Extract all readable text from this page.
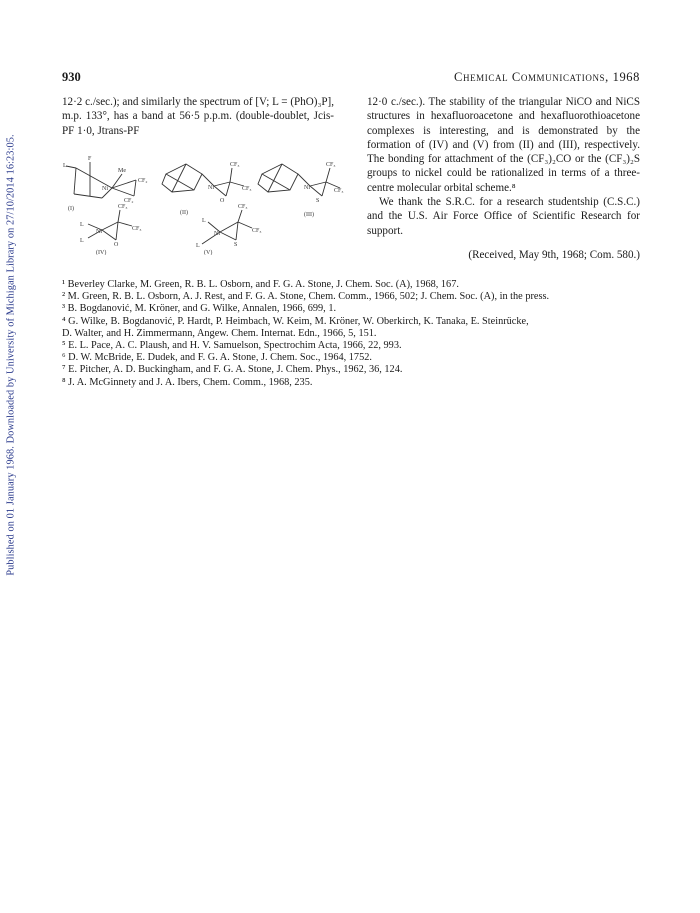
Published on 01 January 1968. Downloaded by University of Michigan Library on 27/10/2014 16:23:05.
930	Chemical Communications, 1968

12·2 c./sec.); and similarly the spectrum of [V; L = (PhO)₃P], m.p. 133°, has a band at 56·5 p.p.m. (double-doublet, Jcis-PF 1·0, Jtrans-PF

L
F
Me
Ni
CF₂
CF₂
(I)
Ni
O
CF₃
CF₃
(II)
Ni
S
CF₃
CF₃
(III)
L
L
Ni
O
CF₃
CF₃
(IV)
L
L
Ni
S
CF₃
CF₃
(V)

12·0 c./sec.). The stability of the triangular NiCO and NiCS structures in hexafluoroacetone and hexafluorothioacetone complexes is interesting, and is demonstrated by the formation of (IV) and (V) from (II) and (III), respectively. The bonding for attachment of the (CF₃)₂CO or the (CF₃)₂S groups to nickel could be rationalized in terms of a three-centre molecular orbital scheme.⁸

We thank the S.R.C. for a research studentship (C.S.C.) and the U.S. Air Force Office of Scientific Research for support.

(Received, May 9th, 1968; Com. 580.)

¹ Beverley Clarke, M. Green, R. B. L. Osborn, and F. G. A. Stone, J. Chem. Soc. (A), 1968, 167.
² M. Green, R. B. L. Osborn, A. J. Rest, and F. G. A. Stone, Chem. Comm., 1966, 502; J. Chem. Soc. (A), in the press.
³ B. Bogdanović, M. Kröner, and G. Wilke, Annalen, 1966, 699, 1.
⁴ G. Wilke, B. Bogdanović, P. Hardt, P. Heimbach, W. Keim, M. Kröner, W. Oberkirch, K. Tanaka, E. Steinrücke,
D. Walter, and H. Zimmermann, Angew. Chem. Internat. Edn., 1966, 5, 151.
⁵ E. L. Pace, A. C. Plaush, and H. V. Samuelson, Spectrochim Acta, 1966, 22, 993.
⁶ D. W. McBride, E. Dudek, and F. G. A. Stone, J. Chem. Soc., 1964, 1752.
⁷ E. Pitcher, A. D. Buckingham, and F. G. A. Stone, J. Chem. Phys., 1962, 36, 124.
⁸ J. A. McGinnety and J. A. Ibers, Chem. Comm., 1968, 235.
